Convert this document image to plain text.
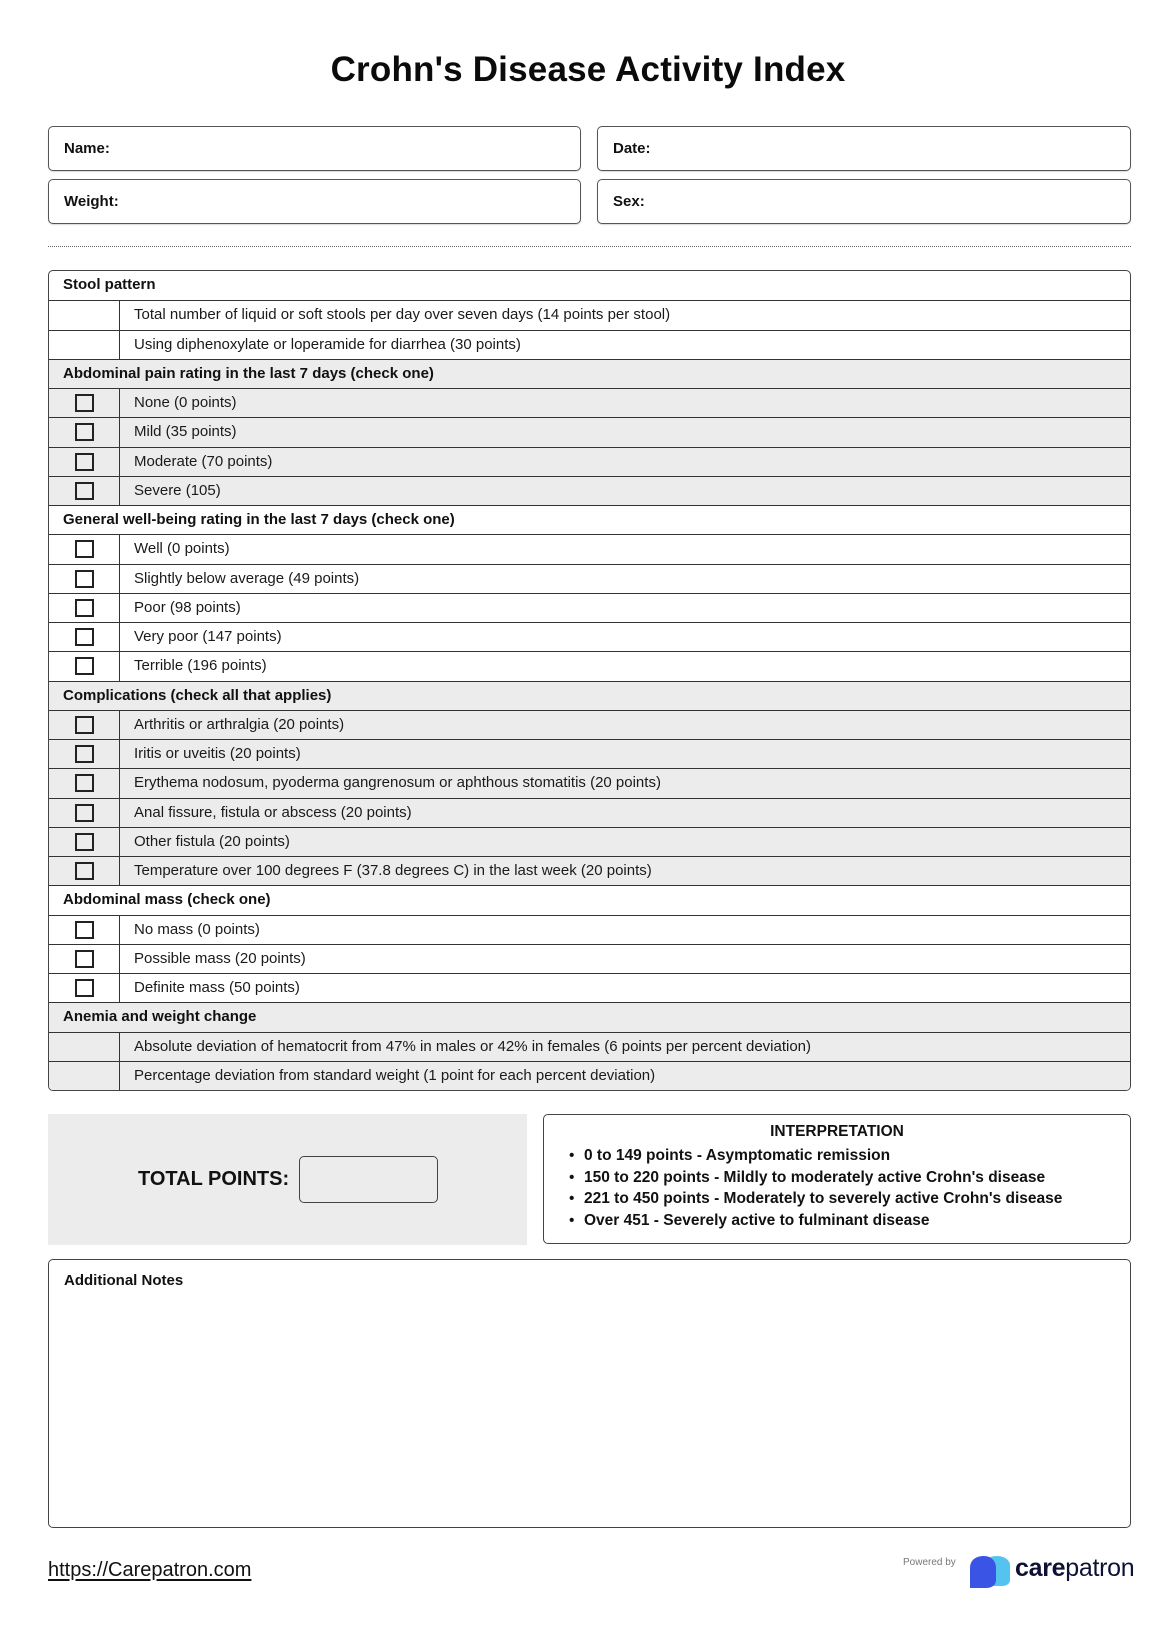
Crohn's Disease Activity Index
Name:	Date:
Weight:	Sex:
Stool pattern
Total number of liquid or soft stools per day over seven days (14 points per stool)
Using diphenoxylate or loperamide for diarrhea (30 points)
Abdominal pain rating in the last 7 days (check one)
None (0 points)
Mild (35 points)
Moderate (70 points)
Severe (105)
General well-being rating in the last 7 days (check one)
Well (0 points)
Slightly below average (49 points)
Poor (98 points)
Very poor (147 points)
Terrible (196 points)
Complications (check all that applies)
Arthritis or arthralgia (20 points)
Iritis or uveitis (20 points)
Erythema nodosum, pyoderma gangrenosum or aphthous stomatitis (20 points)
Anal fissure, fistula or abscess (20 points)
Other fistula (20 points)
Temperature over 100 degrees F (37.8 degrees C) in the last week (20 points)
Abdominal mass (check one)
No mass (0 points)
Possible mass (20 points)
Definite mass (50 points)
Anemia and weight change
Absolute deviation of hematocrit from 47% in males or 42% in females (6 points per percent deviation)
Percentage deviation from standard weight (1 point for each percent deviation)
TOTAL POINTS:
INTERPRETATION
• 0 to 149 points - Asymptomatic remission
• 150 to 220 points - Mildly to moderately active Crohn's disease
• 221 to 450 points - Moderately to severely active Crohn's disease
• Over 451 - Severely active to fulminant disease
Additional Notes
https://Carepatron.com	Powered by carepatron
